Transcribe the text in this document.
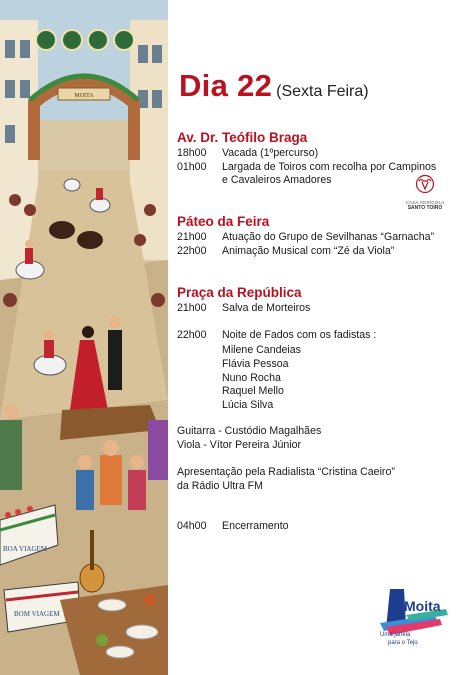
MOITA
BOA VIAGEM
BOM VIAGEM
Dia 22 (Sexta Feira)
Av. Dr. Teófilo Braga
18h00 Vacada (1ºpercurso)
01h00 Largada de Toiros com recolha por Campinos
e Cavaleiros Amadores
CASA AGRÍCOLA
SANTO TOIRO
Páteo da Feira
21h00 Atuação do Grupo de Sevilhanas “Garnacha”
22h00 Animação Musical com “Zé da Viola”
Praça da República
21h00 Salva de Morteiros
22h00 Noite de Fados com os fadistas :
Milene Candeias
Flávia Pessoa
Nuno Rocha
Raquel Mello
Lúcia Silva
Guitarra - Custódio Magalhães
Viola - Vítor Pereira Júnior
Apresentação pela Radialista “Cristina Caeiro”
da Rádio Ultra FM
04h00 Encerramento
Moita
Uma janela
para o Tejo
